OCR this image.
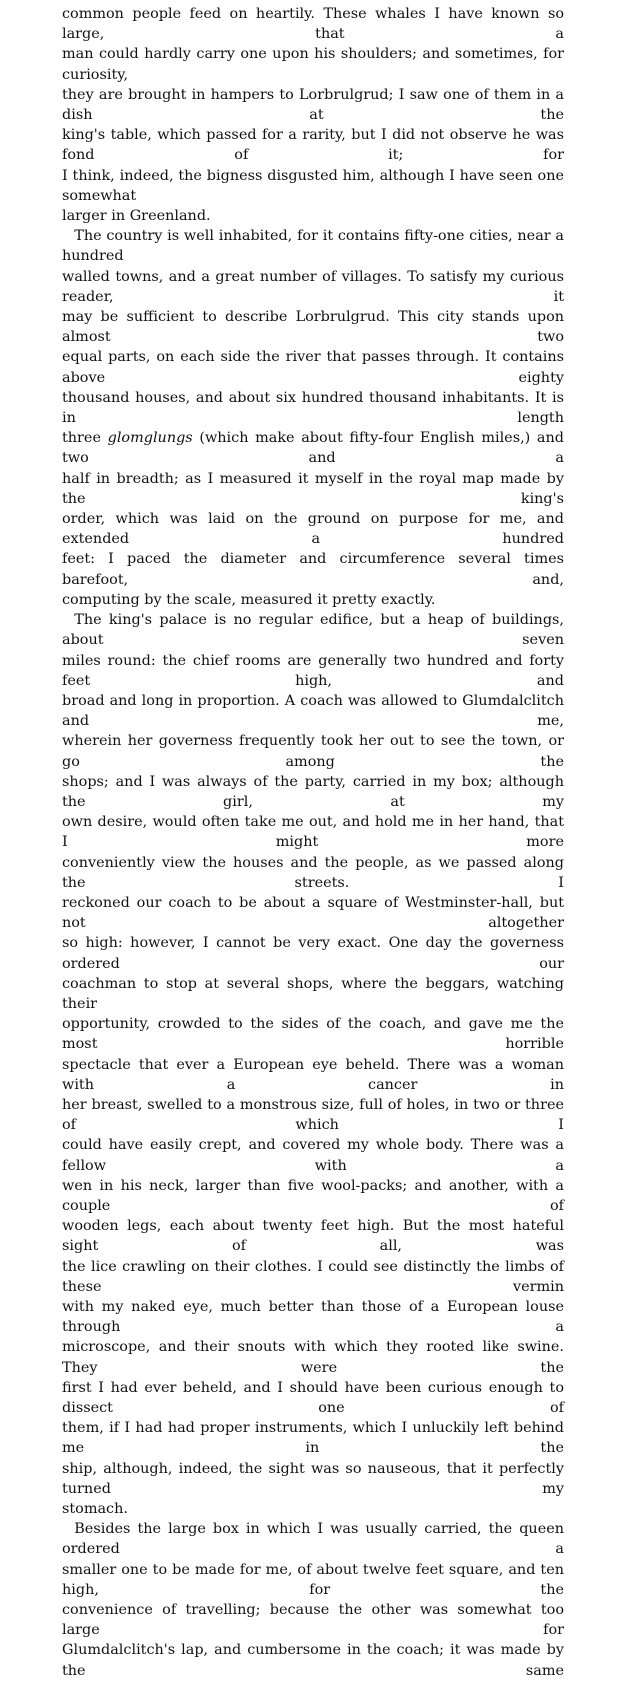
common people feed on heartily. These whales I have known so large, that a
man could hardly carry one upon his shoulders; and sometimes, for curiosity,
they are brought in hampers to Lorbrulgrud; I saw one of them in a dish at the
king's table, which passed for a rarity, but I did not observe he was fond of it; for
I think, indeed, the bigness disgusted him, although I have seen one somewhat
larger in Greenland.
The country is well inhabited, for it contains fifty-one cities, near a hundred
walled towns, and a great number of villages. To satisfy my curious reader, it
may be sufficient to describe Lorbrulgrud. This city stands upon almost two
equal parts, on each side the river that passes through. It contains above eighty
thousand houses, and about six hundred thousand inhabitants. It is in length
three glomglungs (which make about fifty-four English miles,) and two and a
half in breadth; as I measured it myself in the royal map made by the king's
order, which was laid on the ground on purpose for me, and extended a hundred
feet: I paced the diameter and circumference several times barefoot, and,
computing by the scale, measured it pretty exactly.
The king's palace is no regular edifice, but a heap of buildings, about seven
miles round: the chief rooms are generally two hundred and forty feet high, and
broad and long in proportion. A coach was allowed to Glumdalclitch and me,
wherein her governess frequently took her out to see the town, or go among the
shops; and I was always of the party, carried in my box; although the girl, at my
own desire, would often take me out, and hold me in her hand, that I might more
conveniently view the houses and the people, as we passed along the streets. I
reckoned our coach to be about a square of Westminster-hall, but not altogether
so high: however, I cannot be very exact. One day the governess ordered our
coachman to stop at several shops, where the beggars, watching their
opportunity, crowded to the sides of the coach, and gave me the most horrible
spectacle that ever a European eye beheld. There was a woman with a cancer in
her breast, swelled to a monstrous size, full of holes, in two or three of which I
could have easily crept, and covered my whole body. There was a fellow with a
wen in his neck, larger than five wool-packs; and another, with a couple of
wooden legs, each about twenty feet high. But the most hateful sight of all, was
the lice crawling on their clothes. I could see distinctly the limbs of these vermin
with my naked eye, much better than those of a European louse through a
microscope, and their snouts with which they rooted like swine. They were the
first I had ever beheld, and I should have been curious enough to dissect one of
them, if I had had proper instruments, which I unluckily left behind me in the
ship, although, indeed, the sight was so nauseous, that it perfectly turned my
stomach.
Besides the large box in which I was usually carried, the queen ordered a
smaller one to be made for me, of about twelve feet square, and ten high, for the
convenience of travelling; because the other was somewhat too large for
Glumdalclitch's lap, and cumbersome in the coach; it was made by the same
